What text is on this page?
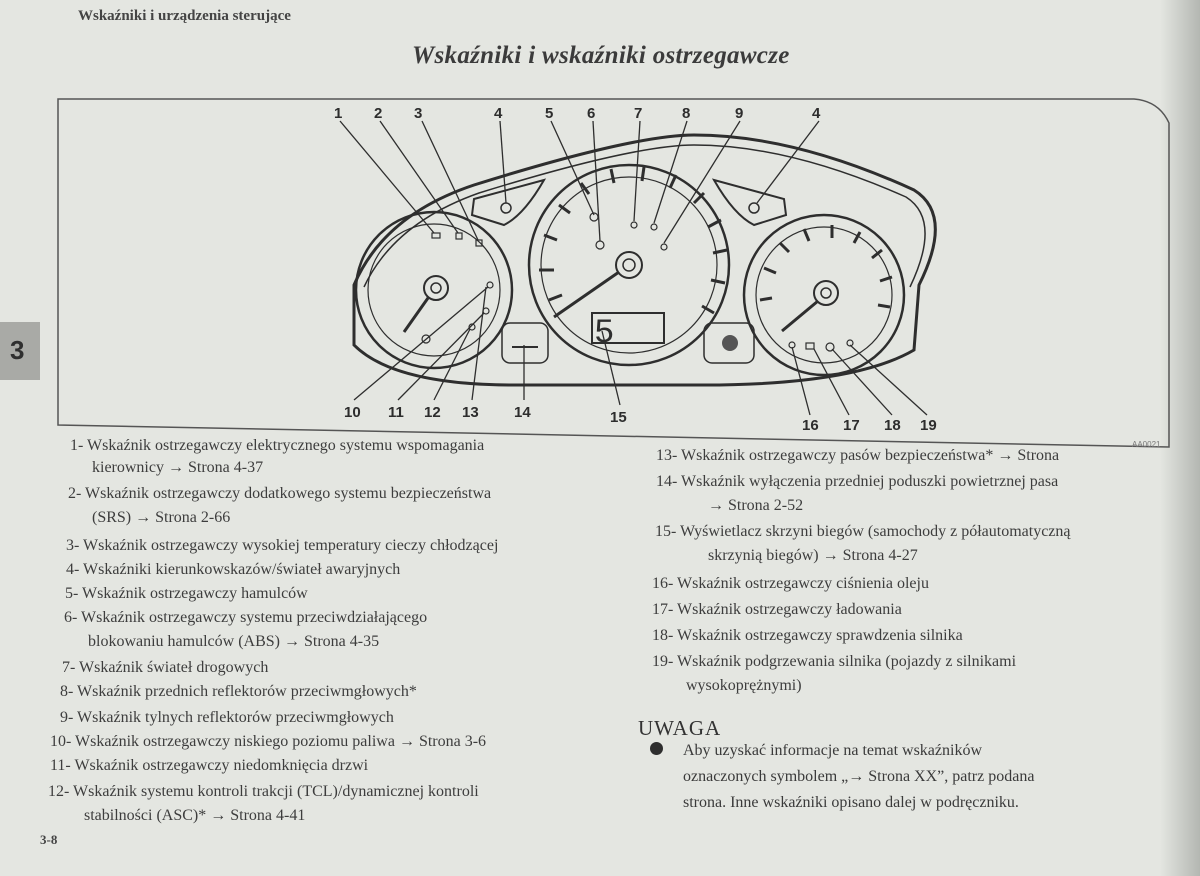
Wskaźniki i urządzenia sterujące
Wskaźniki i wskaźniki ostrzegawcze
3	5
1 2 3	4	5 6	7	8	9	4
10 11 12 13 14	15	16 17 18 19
AA0021
1- Wskaźnik ostrzegawczy elektrycznego systemu wspomagania
kierownicy → Strona 4-37
2- Wskaźnik ostrzegawczy dodatkowego systemu bezpieczeństwa
(SRS) → Strona 2-66
3- Wskaźnik ostrzegawczy wysokiej temperatury cieczy chłodzącej
4- Wskaźniki kierunkowskazów/świateł awaryjnych
5- Wskaźnik ostrzegawczy hamulców
6- Wskaźnik ostrzegawczy systemu przeciwdziałającego
blokowaniu hamulców (ABS) → Strona 4-35
7- Wskaźnik świateł drogowych
8- Wskaźnik przednich reflektorów przeciwmgłowych*
9- Wskaźnik tylnych reflektorów przeciwmgłowych
10- Wskaźnik ostrzegawczy niskiego poziomu paliwa → Strona 3-6
11- Wskaźnik ostrzegawczy niedomknięcia drzwi
12- Wskaźnik systemu kontroli trakcji (TCL)/dynamicznej kontroli
stabilności (ASC)* → Strona 4-41
13- Wskaźnik ostrzegawczy pasów bezpieczeństwa* → Strona
14- Wskaźnik wyłączenia przedniej poduszki powietrznej pasa
→ Strona 2-52
15- Wyświetlacz skrzyni biegów (samochody z półautomatyczną
skrzynią biegów) → Strona 4-27
16- Wskaźnik ostrzegawczy ciśnienia oleju
17- Wskaźnik ostrzegawczy ładowania
18- Wskaźnik ostrzegawczy sprawdzenia silnika
19- Wskaźnik podgrzewania silnika (pojazdy z silnikami
wysokoprężnymi)
UWAGA
Aby uzyskać informacje na temat wskaźników
oznaczonych symbolem „→ Strona XX”, patrz podana
strona. Inne wskaźniki opisano dalej w podręczniku.
3-8
